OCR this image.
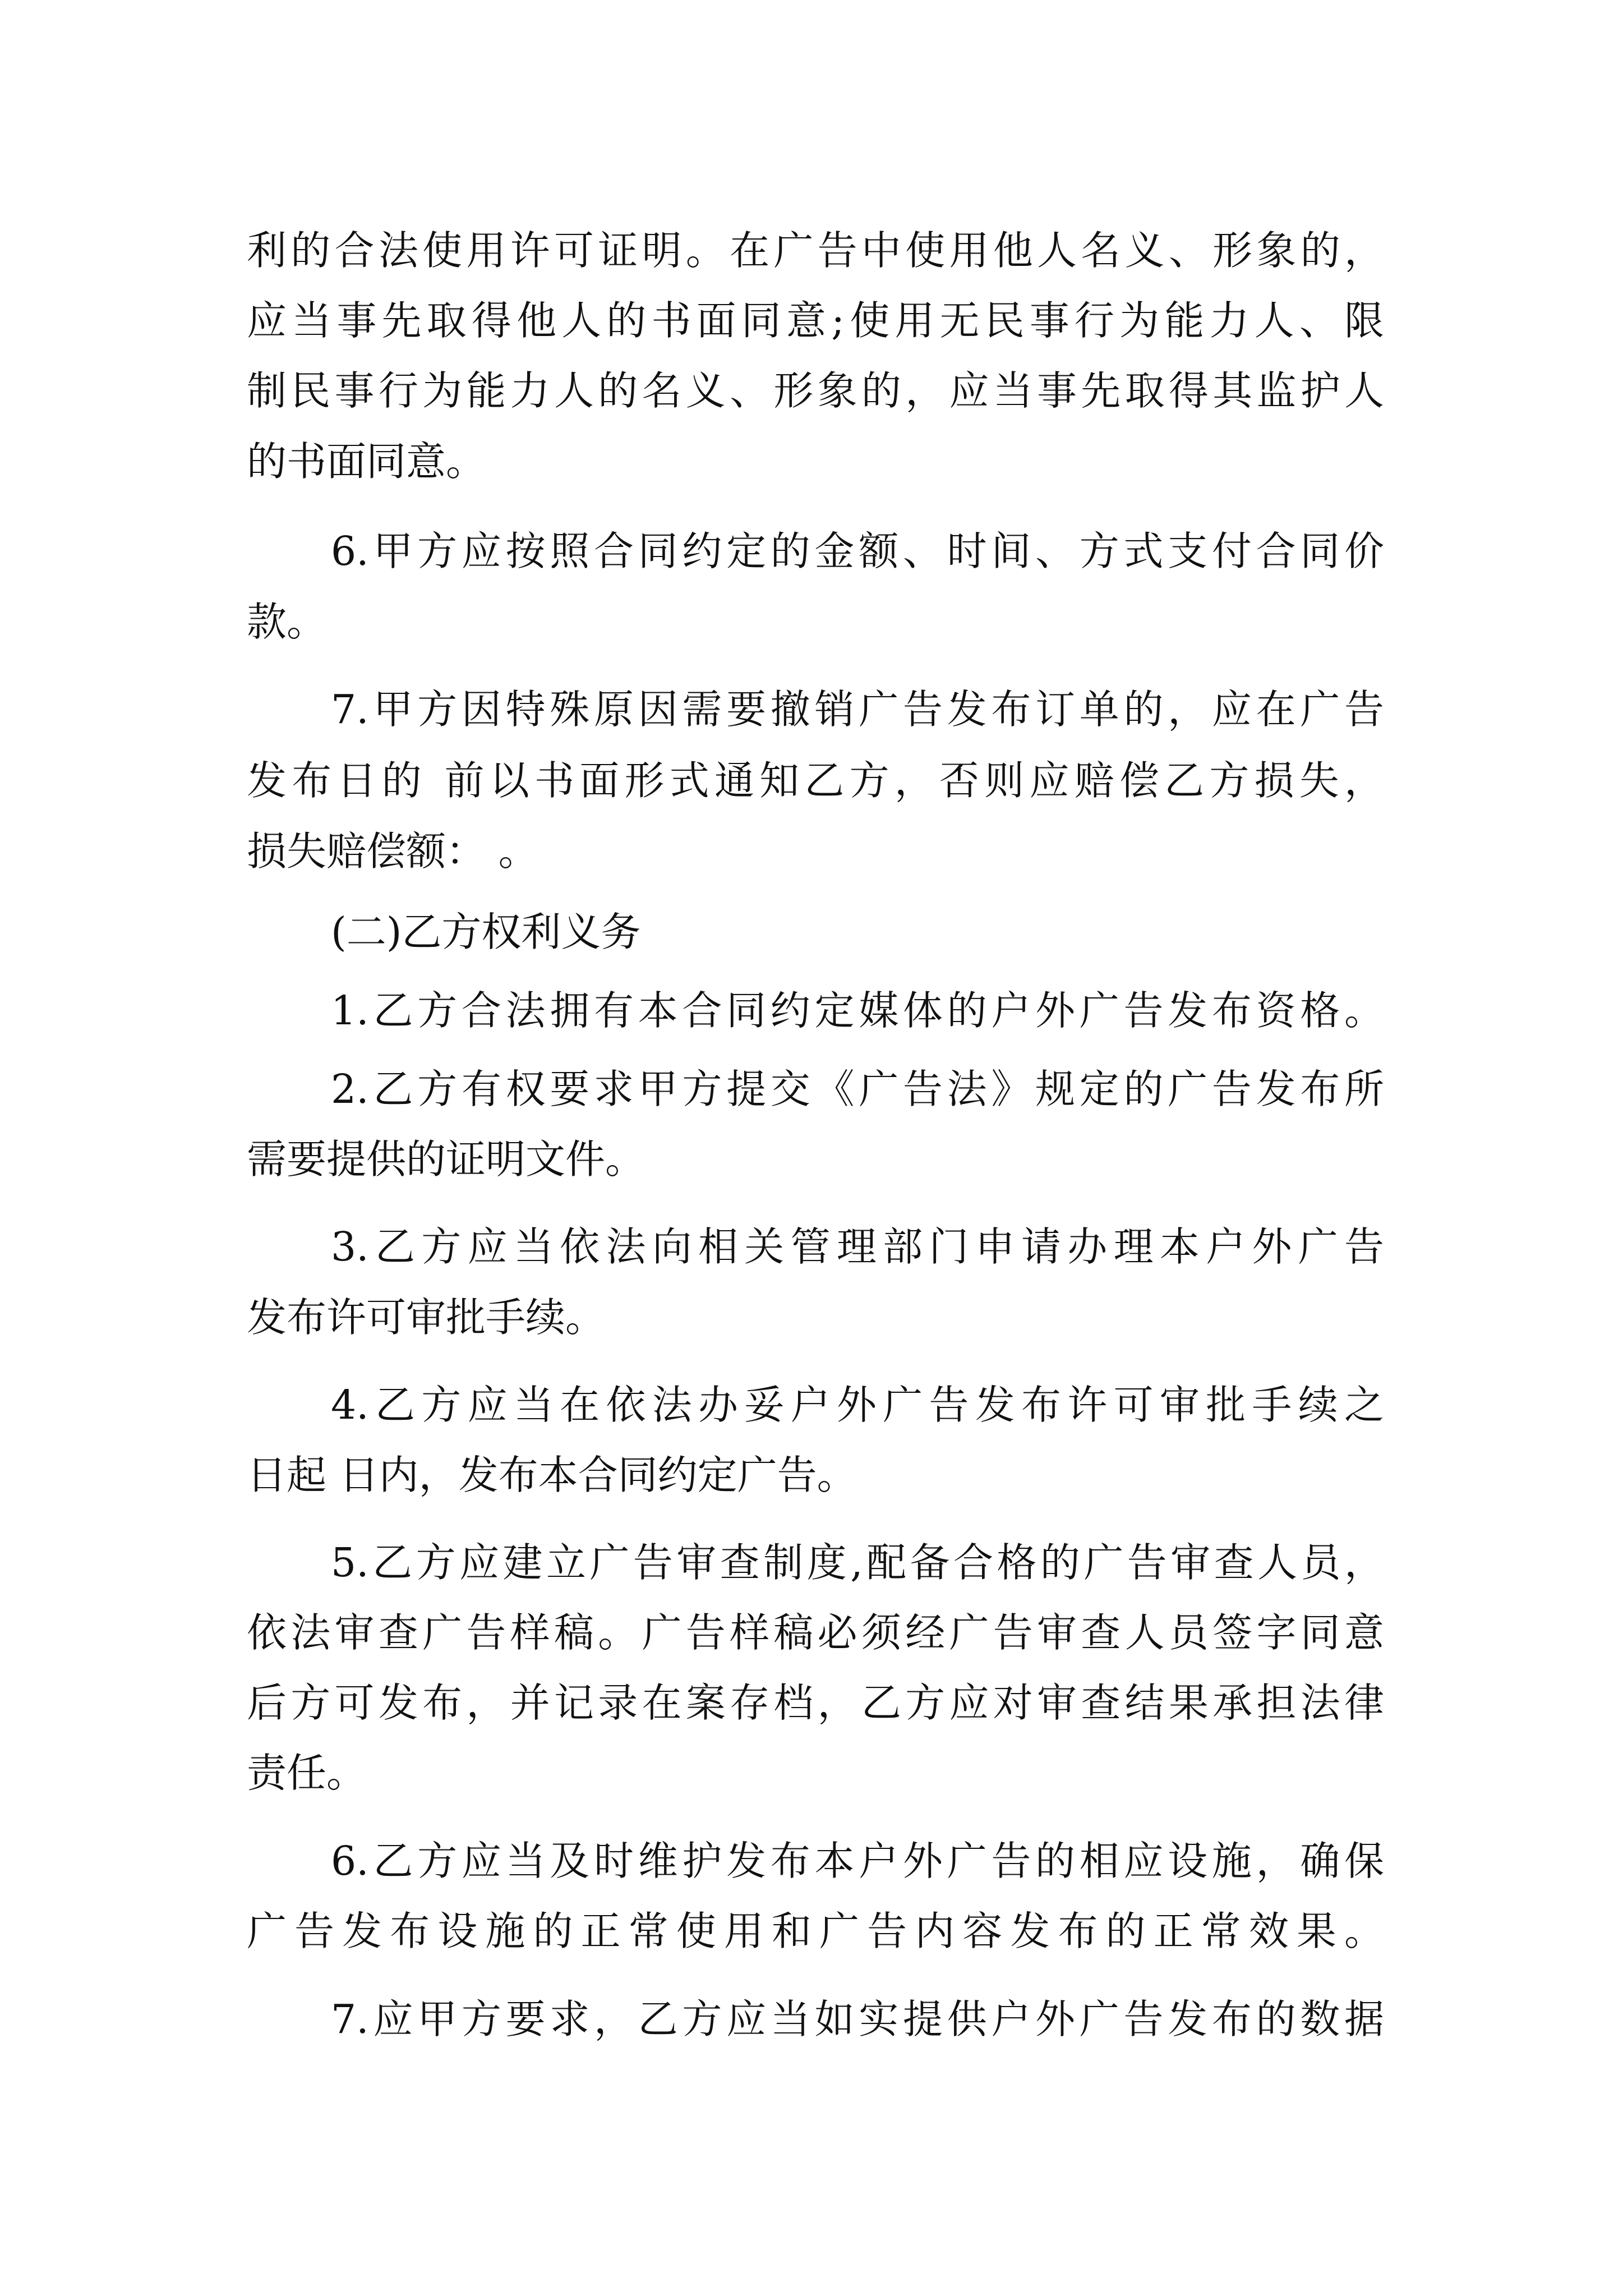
利的合法使用许可证明。在广告中使用他人名义、形象的，
应当事先取得他人的书面同意;使用无民事行为能力人、限
制民事行为能力人的名义、形象的，应当事先取得其监护人
的书面同意。
6.甲方应按照合同约定的金额、时间、方式支付合同价
款。
7.甲方因特殊原因需要撤销广告发布订单的，应在广告
发布日的 前以书面形式通知乙方，否则应赔偿乙方损失，
损失赔偿额： 。
(二)乙方权利义务
1.乙方合法拥有本合同约定媒体的户外广告发布资格。
2.乙方有权要求甲方提交《广告法》规定的广告发布所
需要提供的证明文件。
3.乙方应当依法向相关管理部门申请办理本户外广告
发布许可审批手续。
4.乙方应当在依法办妥户外广告发布许可审批手续之
日起 日内，发布本合同约定广告。
5.乙方应建立广告审查制度,配备合格的广告审查人员，
依法审查广告样稿。广告样稿必须经广告审查人员签字同意
后方可发布，并记录在案存档，乙方应对审查结果承担法律
责任。
6.乙方应当及时维护发布本户外广告的相应设施，确保
广告发布设施的正常使用和广告内容发布的正常效果。
7.应甲方要求，乙方应当如实提供户外广告发布的数据
